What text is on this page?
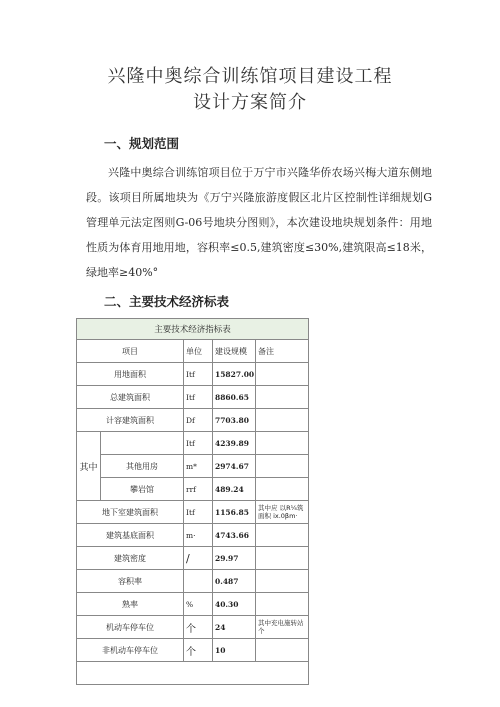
兴隆中奥综合训练馆项目建设工程
设计方案简介
一、规划范围

兴隆中奥综合训练馆项目位于万宁市兴隆华侨农场兴梅大道东侧地段。该项目所属地块为《万宁兴隆旅游度假区北片区控制性详细规划G管理单元法定图则G-06号地块分图则》，本次建设地块规划条件：用地性质为体育用地用地，容积率≤0.5,建筑密度≤30%,建筑限高≤18米，绿地率≥40%°

二、主要技术经济标表
主要技术经济指标表				
项目		单位	建设规模	备注
用地面积		Itf	15827.00	
总建筑面积		Itf	8860.65	
计容建筑面积		Df	7703.80	
其中		Itf	4239.89	
	其他用房	m*	2974.67	
	攀岩馆	rrf	489.24	
地下室建筑面积		Itf	1156.85	其中应 以R¼筑面积 ix.0βm·
建筑基底面积		m·	4743.66	
建筑密度		/	29.97	
容积率			0.487	
熟率		%	40.30	
机动车停车位		个	24	其中充电施转站个
非机动车停车位		个	10	
